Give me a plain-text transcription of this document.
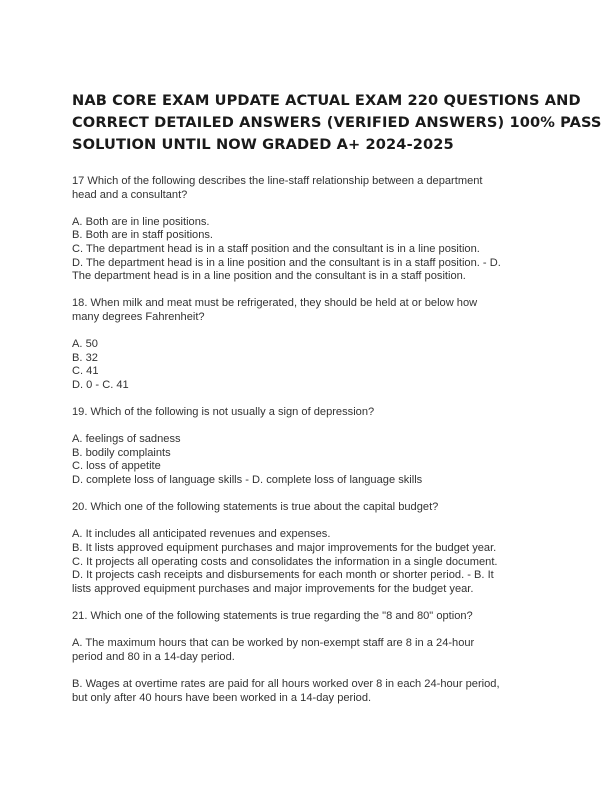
NAB CORE EXAM UPDATE ACTUAL EXAM 220 QUESTIONS AND
CORRECT DETAILED ANSWERS (VERIFIED ANSWERS) 100% PASS
SOLUTION UNTIL NOW GRADED A+ 2024-2025
17 Which of the following describes the line-staff relationship between a department
head and a consultant?
A. Both are in line positions.
B. Both are in staff positions.
C. The department head is in a staff position and the consultant is in a line position.
D. The department head is in a line position and the consultant is in a staff position. - D.
The department head is in a line position and the consultant is in a staff position.
18. When milk and meat must be refrigerated, they should be held at or below how
many degrees Fahrenheit?
A. 50
B. 32
C. 41
D. 0 - C. 41
19. Which of the following is not usually a sign of depression?
A. feelings of sadness
B. bodily complaints
C. loss of appetite
D. complete loss of language skills - D. complete loss of language skills
20. Which one of the following statements is true about the capital budget?
A. It includes all anticipated revenues and expenses.
B. It lists approved equipment purchases and major improvements for the budget year.
C. It projects all operating costs and consolidates the information in a single document.
D. It projects cash receipts and disbursements for each month or shorter period. - B. It
lists approved equipment purchases and major improvements for the budget year.
21. Which one of the following statements is true regarding the "8 and 80" option?
A. The maximum hours that can be worked by non-exempt staff are 8 in a 24-hour
period and 80 in a 14-day period.
B. Wages at overtime rates are paid for all hours worked over 8 in each 24-hour period,
but only after 40 hours have been worked in a 14-day period.
